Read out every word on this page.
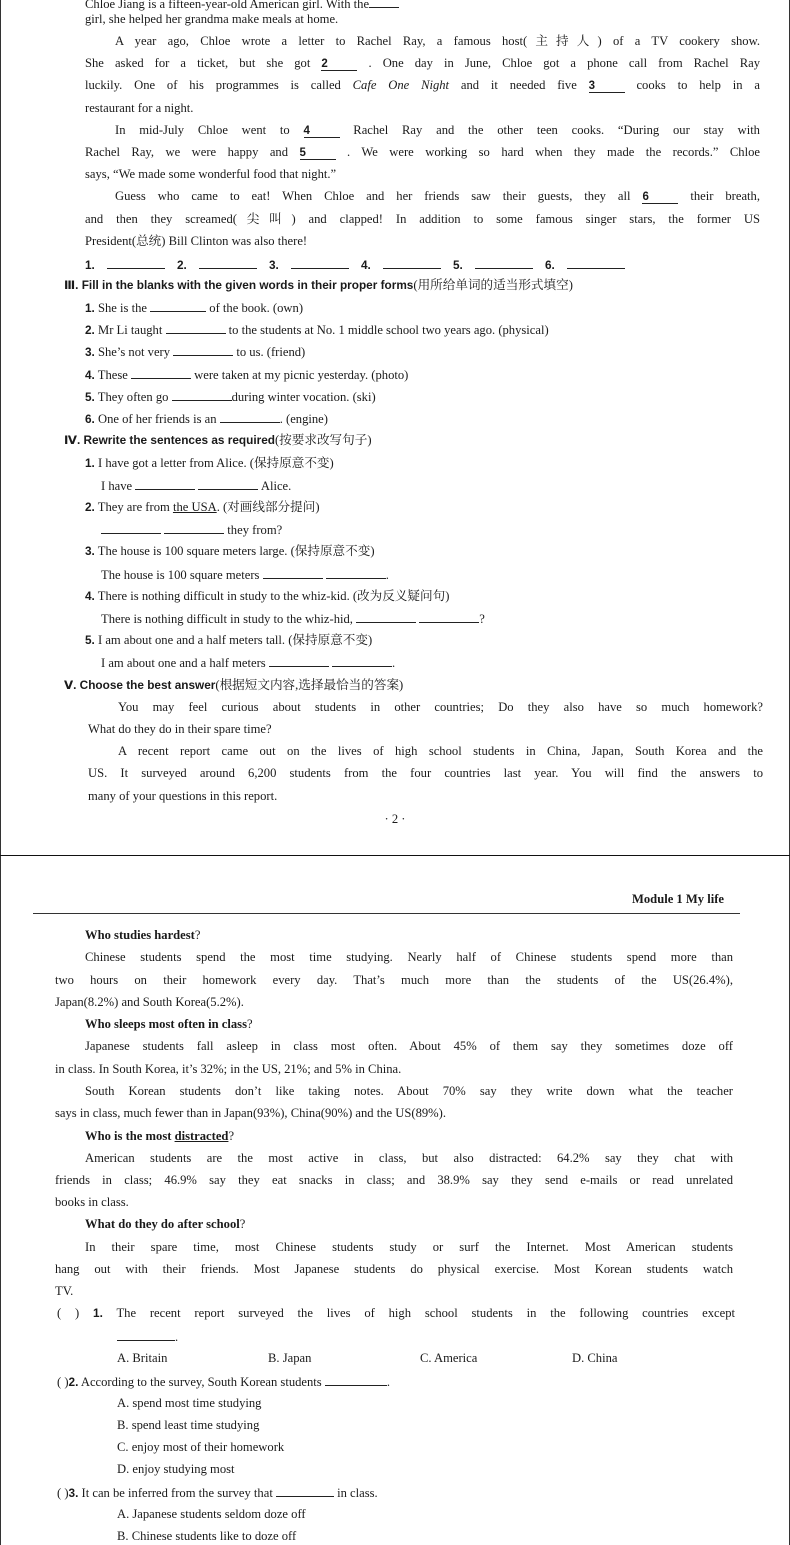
Chloe Jiang is a fifteen-year-old American girl. With the
girl, she helped her grandma make meals at home.
A year ago, Chloe wrote a letter to Rachel Ray, a famous host(主持人) of a TV cookery show.
She asked for a ticket, but she got 2	. One day in June, Chloe got a phone call from Rachel Ray
luckily. One of his programmes is called Cafe One Night and it needed five 3	cooks to help in a
restaurant for a night.
In mid-July Chloe went to 4	Rachel Ray and the other teen cooks. “During our stay with
Rachel Ray, we were happy and 5	. We were working so hard when they made the records.” Chloe
says, “We made some wonderful food that night.”
Guess who came to eat! When Chloe and her friends saw their guests, they all 6	their breath,
and then they screamed(尖叫) and clapped! In addition to some famous singer stars, the former US
President(总统) Bill Clinton was also there!
1.	2.	3.	4.	5.	6.
Ⅲ. Fill in the blanks with the given words in their proper forms(用所给单词的适当形式填空)
1. She is the	of the book. (own)
2. Mr Li taught	to the students at No. 1 middle school two years ago. (physical)
3. She’s not very	to us. (friend)
4. These	were taken at my picnic yesterday. (photo)
5. They often go	during winter vocation. (ski)
6. One of her friends is an	. (engine)
Ⅳ. Rewrite the sentences as required(按要求改写句子)
1. I have got a letter from Alice. (保持原意不变)
I have	Alice.
2. They are from the USA. (对画线部分提问)
they from?
3. The house is 100 square meters large. (保持原意不变)
The house is 100 square meters	.
4. There is nothing difficult in study to the whiz-kid. (改为反义疑问句)
There is nothing difficult in study to the whiz-hid,	?
5. I am about one and a half meters tall. (保持原意不变)
I am about one and a half meters	.
Ⅴ. Choose the best answer(根据短文内容,选择最恰当的答案)
You may feel curious about students in other countries; Do they also have so much homework?
What do they do in their spare time?
A recent report came out on the lives of high school students in China, Japan, South Korea and the
US. It surveyed around 6,200 students from the four countries last year. You will find the answers to
many of your questions in this report.
· 2 ·
Module 1 My life
Who studies hardest?
Chinese students spend the most time studying. Nearly half of Chinese students spend more than
two hours on their homework every day. That’s much more than the students of the US(26.4%),
Japan(8.2%) and South Korea(5.2%).
Who sleeps most often in class?
Japanese students fall asleep in class most often. About 45% of them say they sometimes doze off
in class. In South Korea, it’s 32%; in the US, 21%; and 5% in China.
South Korean students don’t like taking notes. About 70% say they write down what the teacher
says in class, much fewer than in Japan(93%), China(90%) and the US(89%).
Who is the most distracted?
American students are the most active in class, but also distracted: 64.2% say they chat with
friends in class; 46.9% say they eat snacks in class; and 38.9% say they send e-mails or read unrelated
books in class.
What do they do after school?
In their spare time, most Chinese students study or surf the Internet. Most American students
hang out with their friends. Most Japanese students do physical exercise. Most Korean students watch
TV.
( ) 1. The recent report surveyed the lives of high school students in the following countries except
.
A. Britain	B. Japan	C. America	D. China
( )2. According to the survey, South Korean students	.
A. spend most time studying
B. spend least time studying
C. enjoy most of their homework
D. enjoy studying most
( )3. It can be inferred from the survey that	in class.
A. Japanese students seldom doze off
B. Chinese students like to doze off
